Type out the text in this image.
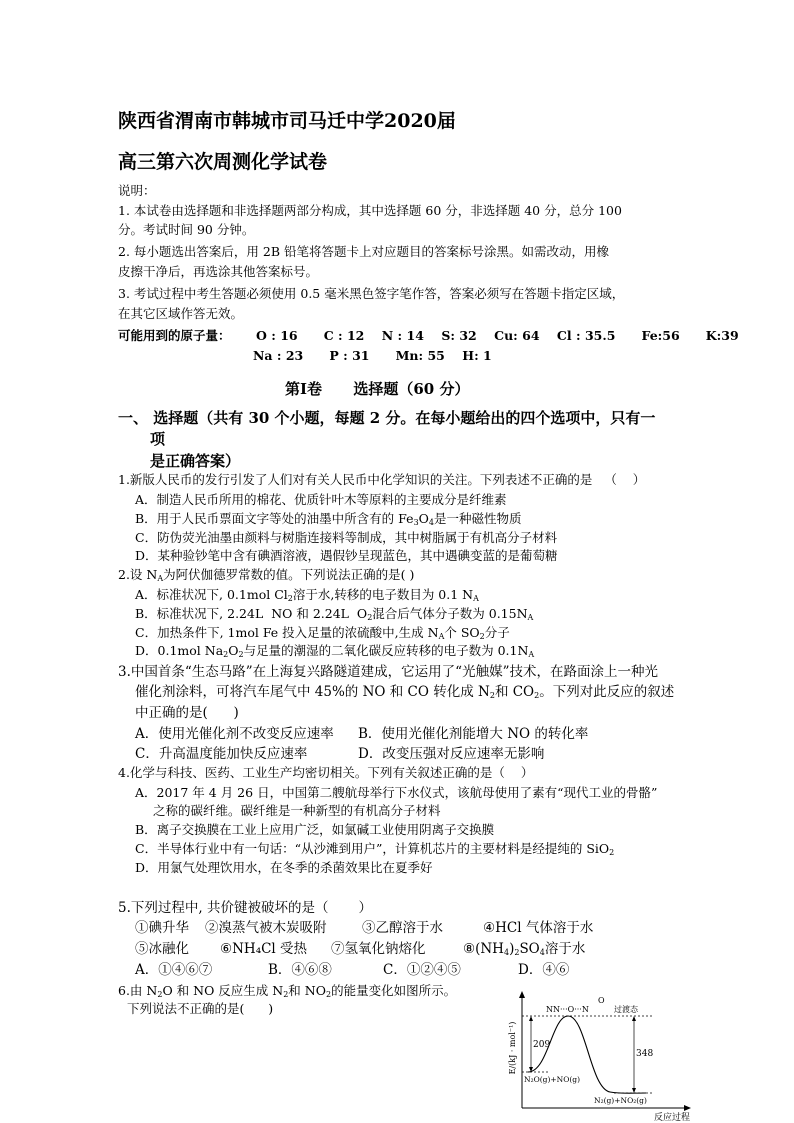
陕西省渭南市韩城市司马迁中学2020届
高三第六次周测化学试卷
说明：
1. 本试卷由选择题和非选择题两部分构成，其中选择题 60 分，非选择题 40 分，总分 100
分。考试时间 90 分钟。
2. 每小题选出答案后，用 2B 铅笔将答题卡上对应题目的答案标号涂黑。如需改动，用橡
皮擦干净后，再选涂其他答案标号。
3. 考试过程中考生答题必须使用 0.5 毫米黑色签字笔作答，答案必须写在答题卡指定区域，
在其它区域作答无效。
可能用到的原子量： O : 16      C : 12    N : 14    S: 32    Cu: 64    Cl : 35.5      Fe:56      K:39
Na : 23      P : 31      Mn: 55    H: 1
第Ⅰ卷      选择题（60 分）
一、 选择题（共有 30 个小题，每题 2 分。在每小题给出的四个选项中，只有一
项
是正确答案）
1.新版人民币的发行引发了人们对有关人民币中化学知识的关注。下列表述不正确的是   （    ）
A．制造人民币所用的棉花、优质针叶木等原料的主要成分是纤维素
B．用于人民币票面文字等处的油墨中所含有的 $Fe_3O_4$是一种磁性物质
C．防伪荧光油墨由颜料与树脂连接料等制成，其中树脂属于有机高分子材料
D．某种验钞笔中含有碘酒溶液，遇假钞呈现蓝色，其中遇碘变蓝的是葡萄糖
2.设 $N_A$为阿伏伽德罗常数的值。下列说法正确的是( )
A．标准状况下, 0.1mol $Cl_2$溶于水,转移的电子数目为 0.1 $N_A$
B．标准状况下, 2.24L  NO 和 2.24L  $O_2$混合后气体分子数为 $0.15N_A$
C．加热条件下, 1mol Fe 投入足量的浓硫酸中,生成 $N_A$个 $SO_2$分子
D．0.1mol $Na_2O_2$与足量的潮湿的二氧化碳反应转移的电子数为 $0.1N_A$
3.中国首条“生态马路”在上海复兴路隧道建成，它运用了“光触媒”技术，在路面涂上一种光
催化剂涂料，可将汽车尾气中 45%的 NO 和 CO 转化成 $N_2$和 $CO_2$。下列对此反应的叙述
中正确的是(      )
A．使用光催化剂不改变反应速率 B．使用光催化剂能增大 NO 的转化率
C．升高温度能加快反应速率	D．改变压强对反应速率无影响
4.化学与科技、医药、工业生产均密切相关。下列有关叙述正确的是（    ）
A．2017 年 4 月 26 日，中国第二艘航母举行下水仪式，该航母使用了素有“现代工业的骨骼”
之称的碳纤维。碳纤维是一种新型的有机高分子材料
B．离子交换膜在工业上应用广泛，如氯碱工业使用阴离子交换膜
C．半导体行业中有一句话：“从沙滩到用户”，计算机芯片的主要材料是经提纯的 SiO$_2$
D．用氯气处理饮用水，在冬季的杀菌效果比在夏季好
5.下列过程中, 共价键被破坏的是（       ）
①碘升华 ②溴蒸气被木炭吸附	③乙醇溶于水	④HCl 气体溶于水
⑤冰融化 ⑥NH₄Cl 受热 ⑦氢氧化钠熔化	$⑧(NH_4)_2SO_4$溶于水
A．①④⑥⑦	B．④⑥⑧	C．①②④⑤	D．④⑥
6.由 $N_2O$ 和 NO 反应生成 $N_2$和 $NO_2$的能量变化如图所示。
下列说法不正确的是(      )
E/(kJ · mol⁻¹)
反应过程
209
348
NN···O···N
O
过渡态
N₂O(g)+NO(g)
N₂(g)+NO₂(g)
